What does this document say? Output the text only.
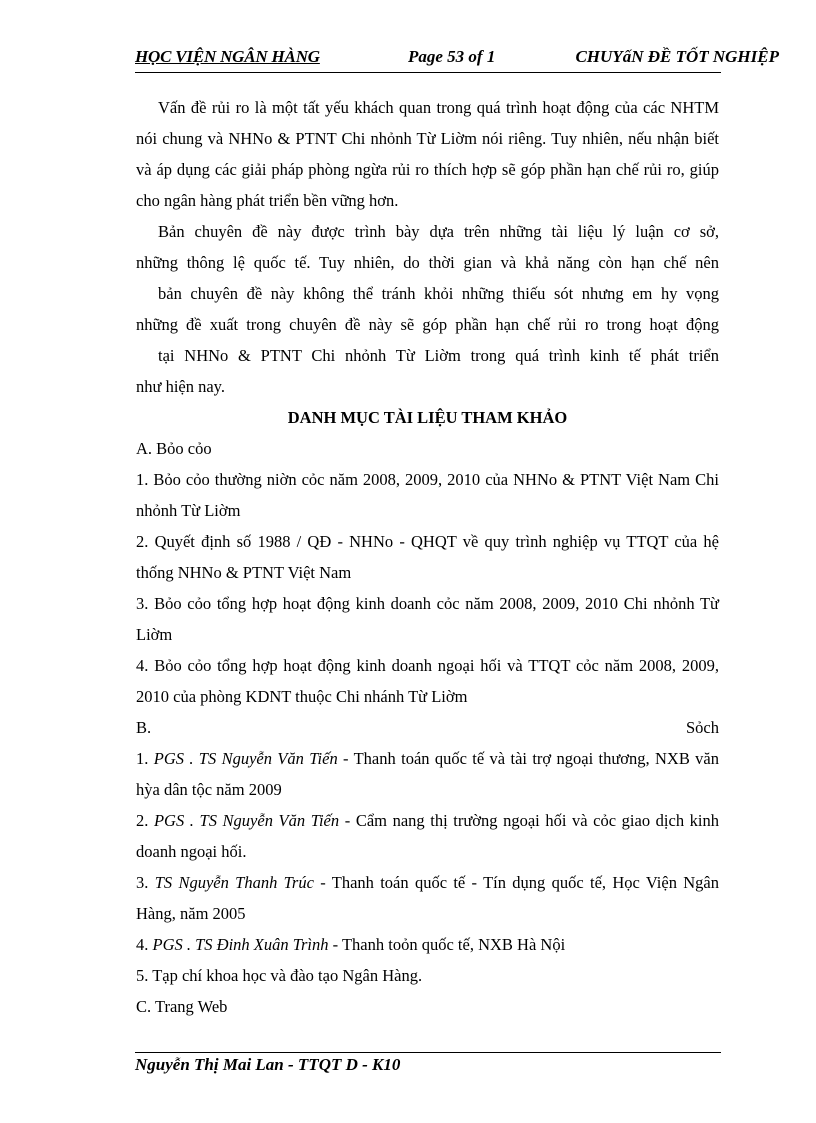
HỌC VIỆN NGÂN HÀNG	Page 53 of 1	CHUYấN ĐỀ TỐT NGHIỆP

Vấn đề rủi ro là một tất yếu khách quan trong quá trình hoạt động của các NHTM nói chung và NHNo & PTNT Chi nhỏnh Từ Liờm nói riêng. Tuy nhiên, nếu nhận biết và áp dụng các giải pháp phòng ngừa rủi ro thích hợp sẽ góp phần hạn chế rủi ro, giúp cho ngân hàng phát triển bền vững hơn.

Bản chuyên đề này được trình bày dựa trên những tài liệu lý luận cơ sở,

những thông lệ quốc tế. Tuy nhiên, do thời gian và khả năng còn hạn chế nên

bản chuyên đề này không thể tránh khỏi những thiếu sót nhưng em hy vọng

những đề xuất trong chuyên đề này sẽ góp phần hạn chế rủi ro trong hoạt động

tại NHNo & PTNT Chi nhỏnh Từ Liờm trong quá trình kinh tế phát triển

như hiện nay.

DANH MỤC TÀI LIỆU THAM KHẢO

A. Bỏo cỏo

1. Bỏo cỏo thường niờn cỏc năm 2008, 2009, 2010 của NHNo & PTNT Việt Nam Chi nhỏnh Từ Liờm

2. Quyết định số 1988 / QĐ - NHNo - QHQT về quy trình nghiệp vụ TTQT của hệ thống NHNo & PTNT Việt Nam

3. Bỏo cỏo tổng hợp hoạt động kinh doanh cỏc năm 2008, 2009, 2010 Chi nhỏnh Từ Liờm

4. Bỏo cỏo tổng hợp hoạt động kinh doanh ngoại hối và TTQT cỏc năm 2008, 2009, 2010 của phòng KDNT thuộc Chi nhánh Từ Liờm

B.	Sỏch

1. PGS . TS Nguyễn Văn Tiến - Thanh toán quốc tế và tài trợ ngoại thương, NXB văn hỳa dân tộc năm 2009

2. PGS . TS Nguyễn Văn Tiến - Cẩm nang thị trường ngoại hối và cỏc giao dịch kinh doanh ngoại hối.

3. TS Nguyễn Thanh Trúc - Thanh toán quốc tế - Tín dụng quốc tế, Học Viện Ngân Hàng, năm 2005

4. PGS . TS Đinh Xuân Trình - Thanh toỏn quốc tế, NXB Hà Nội

5. Tạp chí khoa học và đào tạo Ngân Hàng.

C. Trang Web

Nguyễn Thị Mai Lan - TTQT D - K10
